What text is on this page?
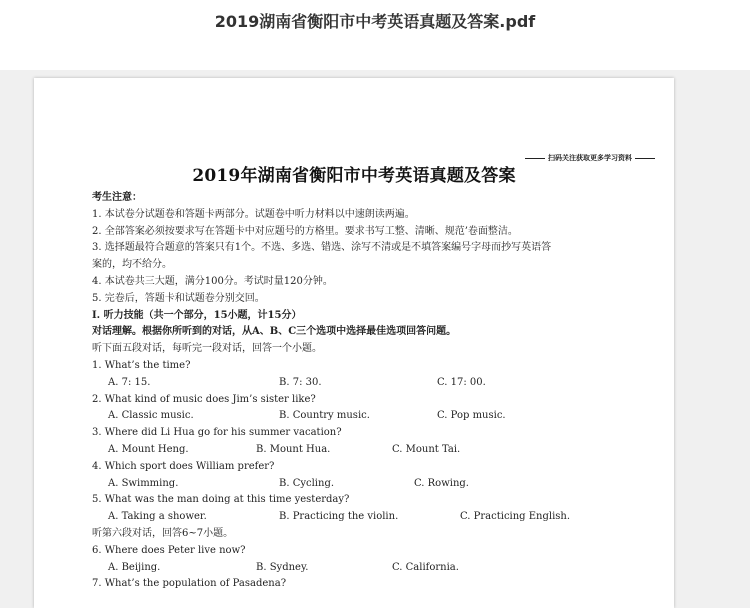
2019湖南省衡阳市中考英语真题及答案.pdf
扫码关注获取更多学习资料
2019年湖南省衡阳市中考英语真题及答案
考生注意：
1. 本试卷分试题卷和答题卡两部分。试题卷中听力材料以中速朗读两遍。
2. 全部答案必须按要求写在答题卡中对应题号的方格里。要求书写工整、清晰、规范’卷面整洁。
3. 选择题最符合题意的答案只有1个。不选、多选、错选、涂写不清或是不填答案编号字母而抄写英语答
案的，均不给分。
4. 本试卷共三大题，满分100分。考试时量120分钟。
5. 完卷后，答题卡和试题卷分别交回。
I. 听力技能（共一个部分，15小题，计15分）
对话理解。根据你所听到的对话，从A、B、C三个选项中选择最佳选项回答问题。
听下面五段对话，每听完一段对话，回答一个小题。
1. What’s the time?
A. 7: 15.	B. 7: 30.	C. 17: 00.
2. What kind of music does Jim’s sister like?
A. Classic music.	B. Country music.	C. Pop music.
3. Where did Li Hua go for his summer vacation?
A. Mount Heng.	B. Mount Hua.	C. Mount Tai.
4. Which sport does William prefer?
A. Swimming.	B. Cycling.	C. Rowing.
5. What was the man doing at this time yesterday?
A. Taking a shower.	B. Practicing the violin.	C. Practicing English.
听第六段对话，回答6~7小题。
6. Where does Peter live now?
A. Beijing.	B. Sydney.	C. California.
7. What’s the population of Pasadena?
